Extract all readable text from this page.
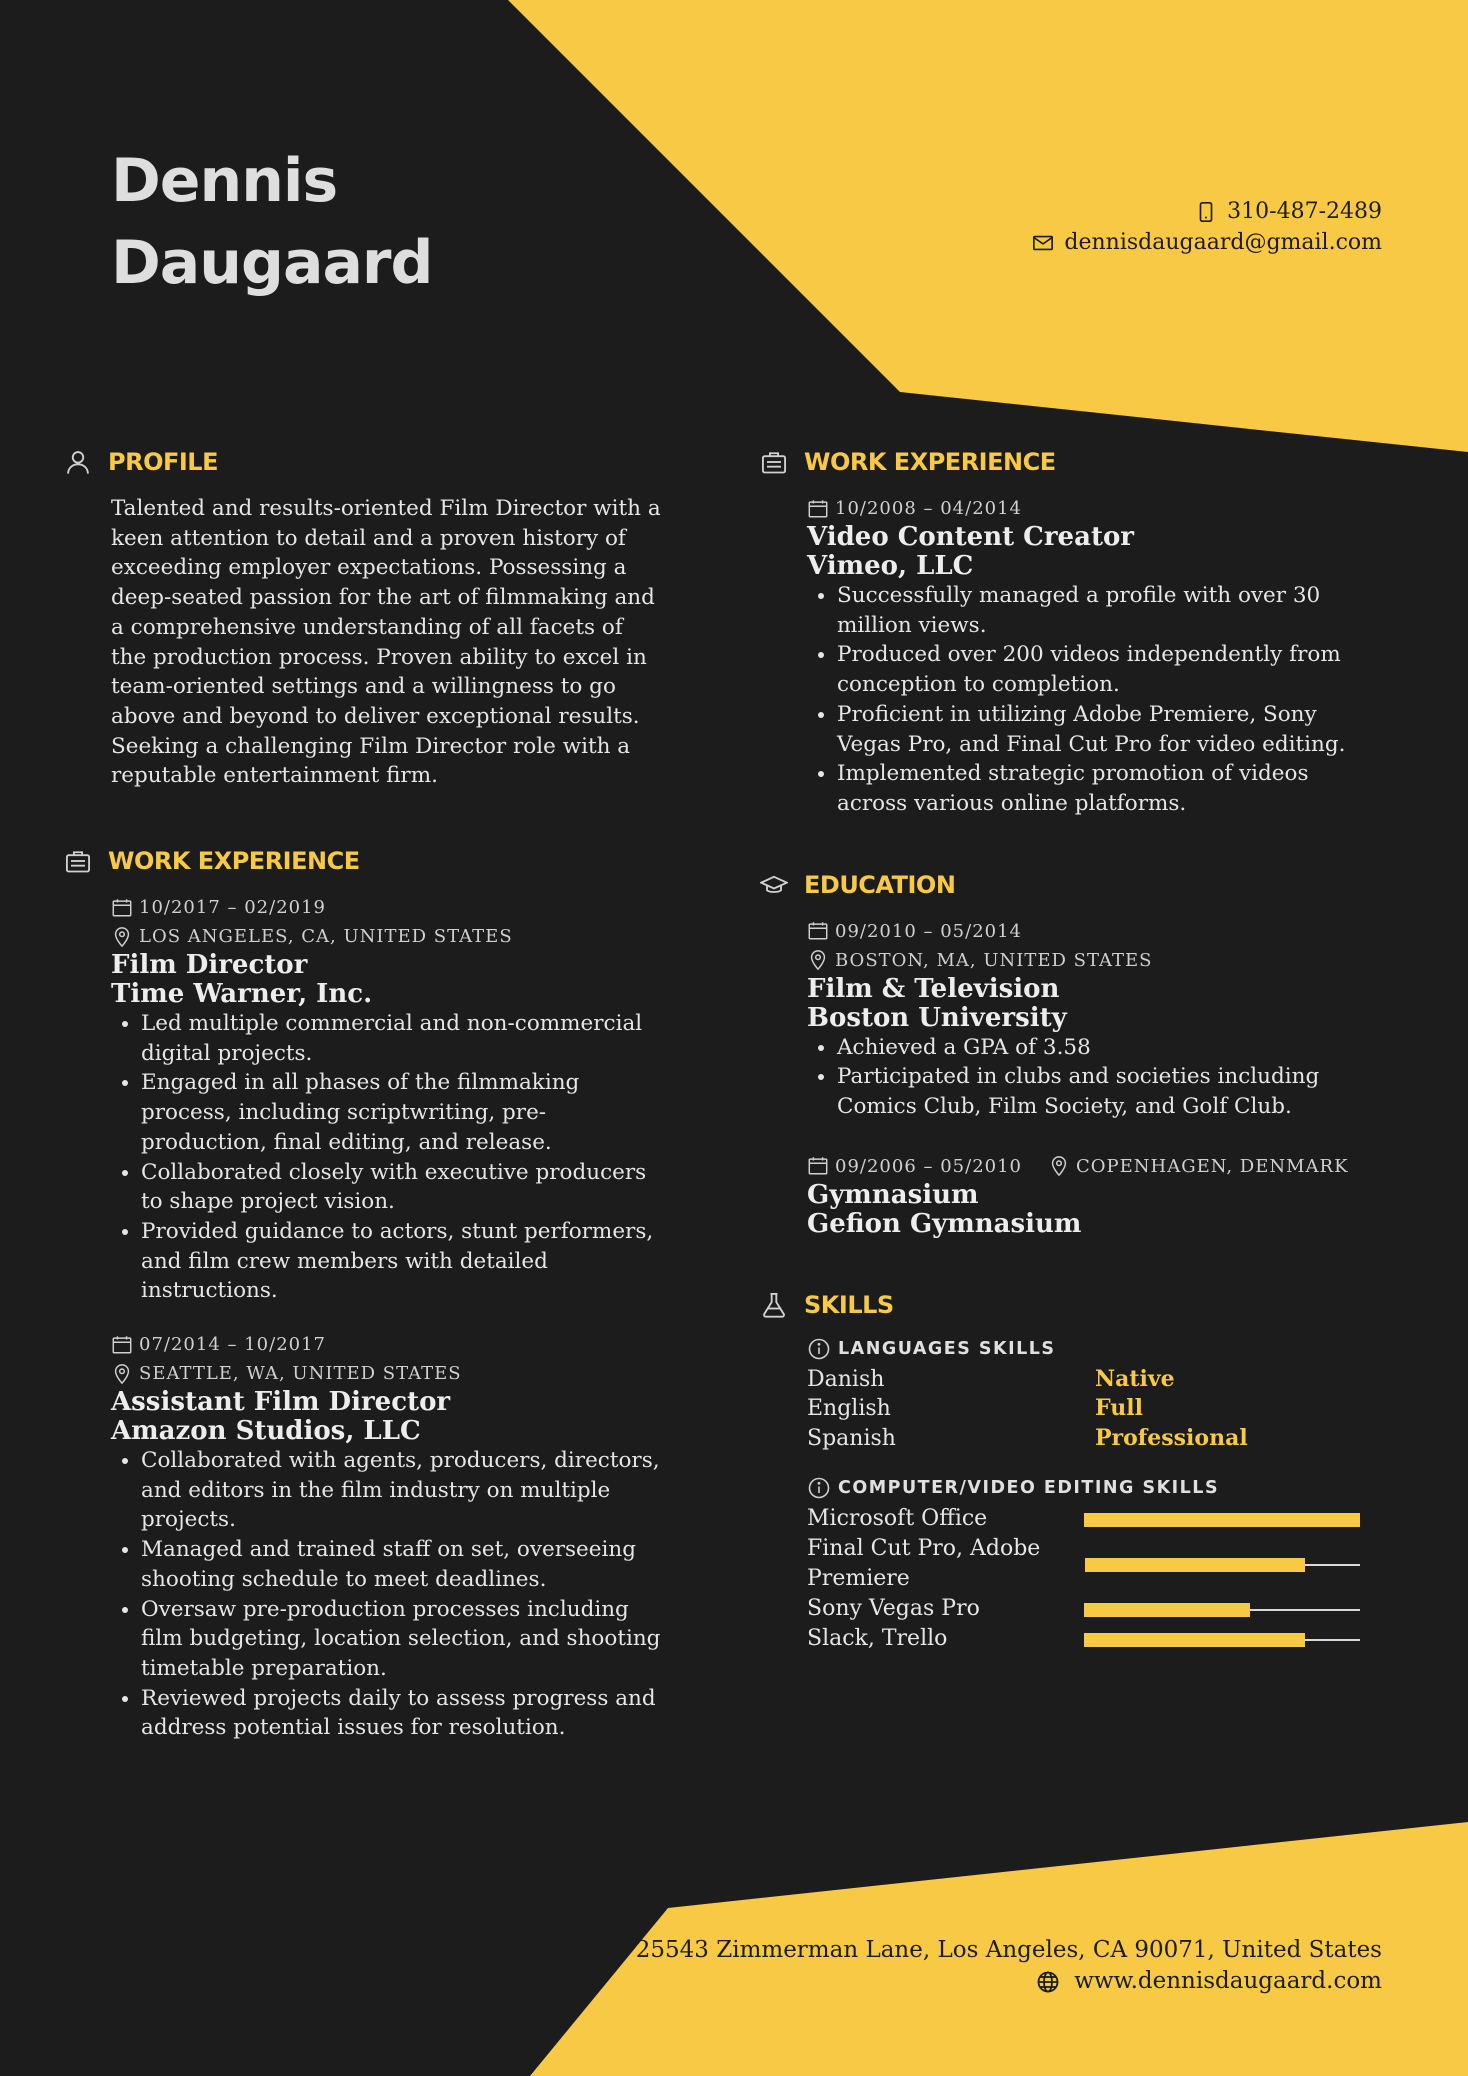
Dennis
Daugaard
310-487-2489
dennisdaugaard@gmail.com
PROFILE

Talented and results-oriented Film Director with a keen attention to detail and a proven history of exceeding employer expectations. Possessing a deep-seated passion for the art of filmmaking and a comprehensive understanding of all facets of the production process. Proven ability to excel in team-oriented settings and a willingness to go above and beyond to deliver exceptional results. Seeking a challenging Film Director role with a reputable entertainment firm.

WORK EXPERIENCE
10/2017 – 02/2019
LOS ANGELES, CA, UNITED STATES
Film Director
Time Warner, Inc.
• Led multiple commercial and non-commercial digital projects.
• Engaged in all phases of the filmmaking process, including scriptwriting, pre-production, final editing, and release.
• Collaborated closely with executive producers to shape project vision.
• Provided guidance to actors, stunt performers, and film crew members with detailed instructions.
07/2014 – 10/2017
SEATTLE, WA, UNITED STATES
Assistant Film Director
Amazon Studios, LLC
• Collaborated with agents, producers, directors, and editors in the film industry on multiple projects.
• Managed and trained staff on set, overseeing shooting schedule to meet deadlines.
• Oversaw pre-production processes including film budgeting, location selection, and shooting timetable preparation.
• Reviewed projects daily to assess progress and address potential issues for resolution.
WORK EXPERIENCE
10/2008 – 04/2014
Video Content Creator
Vimeo, LLC
• Successfully managed a profile with over 30 million views.
• Produced over 200 videos independently from conception to completion.
• Proficient in utilizing Adobe Premiere, Sony Vegas Pro, and Final Cut Pro for video editing.
• Implemented strategic promotion of videos across various online platforms.
EDUCATION
09/2010 – 05/2014
BOSTON, MA, UNITED STATES
Film & Television
Boston University
• Achieved a GPA of 3.58
• Participated in clubs and societies including Comics Club, Film Society, and Golf Club.
09/2006 – 05/2010	COPENHAGEN, DENMARK
Gymnasium
Gefion Gymnasium
SKILLS
LANGUAGES SKILLS
Danish	Native
English	Full
Spanish	Professional
COMPUTER/VIDEO EDITING SKILLS
Microsoft Office
Final Cut Pro, Adobe Premiere
Sony Vegas Pro
Slack, Trello
25543 Zimmerman Lane, Los Angeles, CA 90071, United States
www.dennisdaugaard.com
